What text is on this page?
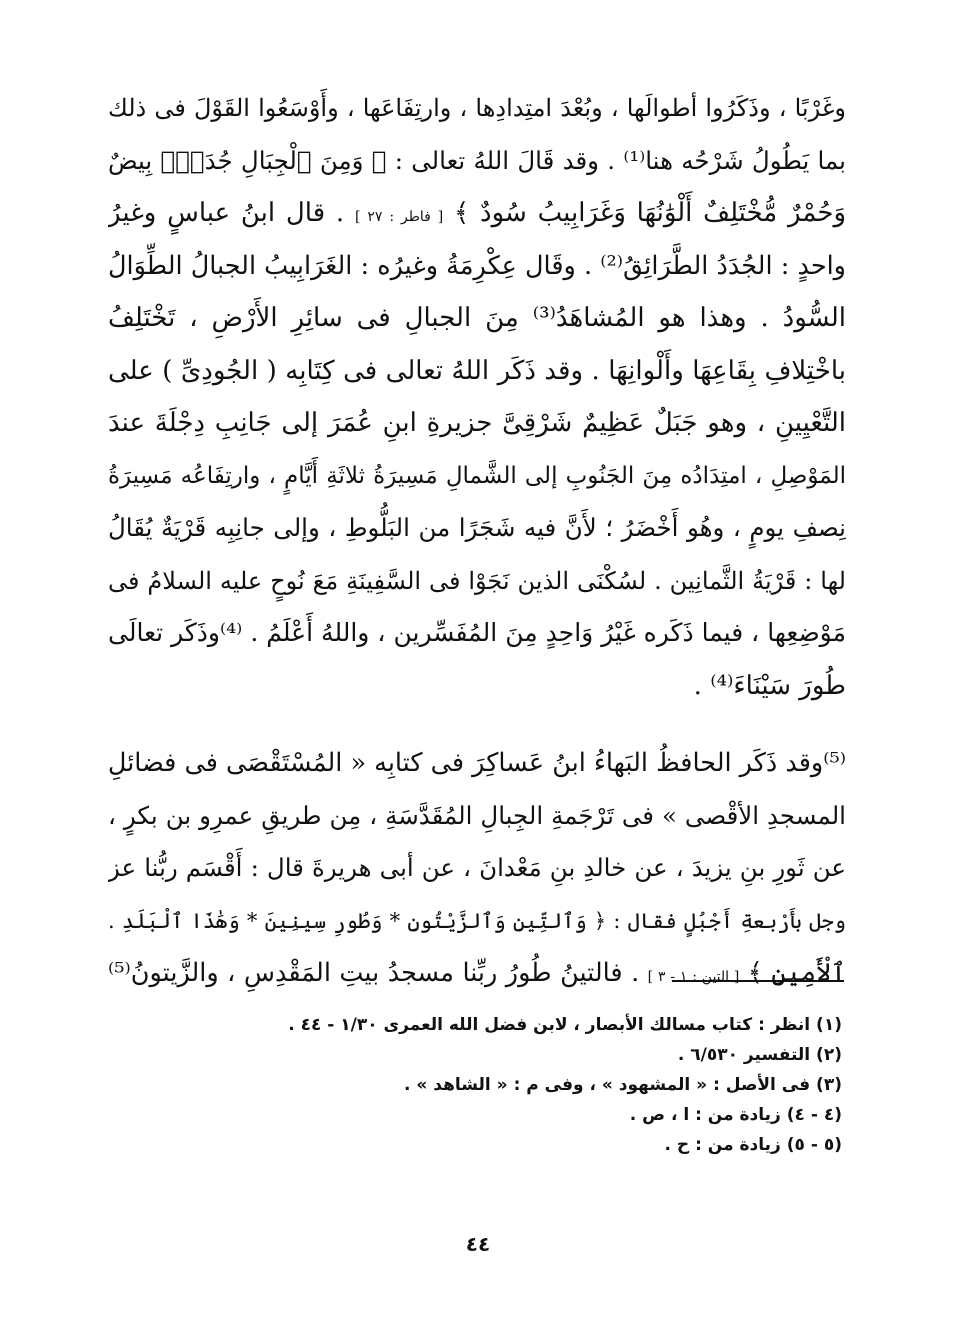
وغَرْبًا ، وذَكَرُوا أطوالَها ، وبُعْدَ امتِدادِها ، وارتِفَاعَها ، وأَوْسَعُوا القَوْلَ فى ذلك
بما يَطُولُ شَرْحُه هنا⁽¹⁾ . وقد قَالَ اللهُ تعالى : ﴿ وَمِنَ ٱلْجِبَالِ جُدَدٌۢ بِيضٌ
وَحُمْرٌ مُّخْتَلِفٌ أَلْوَٰنُهَا وَغَرَابِيبُ سُودٌ ﴾ [ فاطر : ٢٧ ] . قال ابنُ عباسٍ وغيرُ
واحدٍ : الجُدَدُ الطَّرَائِقُ⁽²⁾ . وقَال عِكْرِمَةُ وغيرُه : الغَرَابِيبُ الجبالُ الطِّوَالُ
السُّودُ . وهذا هو المُشاهَدُ⁽³⁾ مِنَ الجبالِ فى سائِرِ الأَرْضِ ، تَخْتَلِفُ
باخْتِلافِ بِقَاعِهَا وأَلْوانِهَا . وقد ذَكَر اللهُ تعالى فى كِتَابِه ( الجُودِىِّ ) على
التَّعْيِينِ ، وهو جَبَلٌ عَظِيمٌ شَرْقِىَّ جزيرةِ ابنِ عُمَرَ إلى جَانِبِ دِجْلَةَ عندَ
المَوْصِلِ ، امتِدَادُه مِنَ الجَنُوبِ إلى الشَّمالِ مَسِيرَةُ ثلاثَةِ أَيَّامٍ ، وارتِفَاعُه مَسِيرَةُ
نِصفِ يومٍ ، وهُو أَخْضَرُ ؛ لأَنَّ فيه شَجَرًا من البَلُّوطِ ، وإلى جانِبِه قَرْيَةٌ يُقَالُ
لها : قَرْيَةُ الثَّمانِين . لسُكْنَى الذين نَجَوْا فى السَّفِينَةِ مَعَ نُوحٍ عليه السلامُ فى
مَوْضِعِها ، فيما ذَكَره غَيْرُ وَاحِدٍ مِنَ المُفَسِّرين ، واللهُ أَعْلَمُ . ⁽⁴⁾وذَكَر تعالَى
طُورَ سَيْنَاءَ⁽⁴⁾ .
⁽⁵⁾وقد ذَكَر الحافظُ البَهاءُ ابنُ عَساكِرَ فى كتابِه « المُسْتَقْصَى فى فضائلِ
المسجدِ الأقْصى » فى تَرْجَمةِ الجِبالِ المُقَدَّسَةِ ، مِن طريقِ عمرِو بن بكرٍ ،
عن ثَورِ بنِ يزيدَ ، عن خالدِ بنِ مَعْدانَ ، عن أبى هريرةَ قال : أَقْسَم ربُّنا عز
وجل بأَرْبعةِ أَجْبُلٍ فقال : ﴿ وَٱلتِّينِ وَٱلزَّيْتُونِ * وَطُورِ سِينِينَ * وَهَٰذَا ٱلْبَلَدِ .
ٱلْأَمِينِ ﴾ [ التين : ١ - ٣ ] . فالتينُ طُورُ ربِّنا مسجدُ بيتِ المَقْدِسِ ، والزَّيتونُ⁽⁵⁾
(١) انظر : كتاب مسالك الأبصار ، لابن فضل الله العمرى ١/٣٠ - ٤٤ .
(٢) التفسير ٦/٥٣٠ .
(٣) فى الأصل : « المشهود » ، وفى م : « الشاهد » .
(٤ - ٤) زيادة من : ا ، ص .
(٥ - ٥) زيادة من : ح .
٤٤
